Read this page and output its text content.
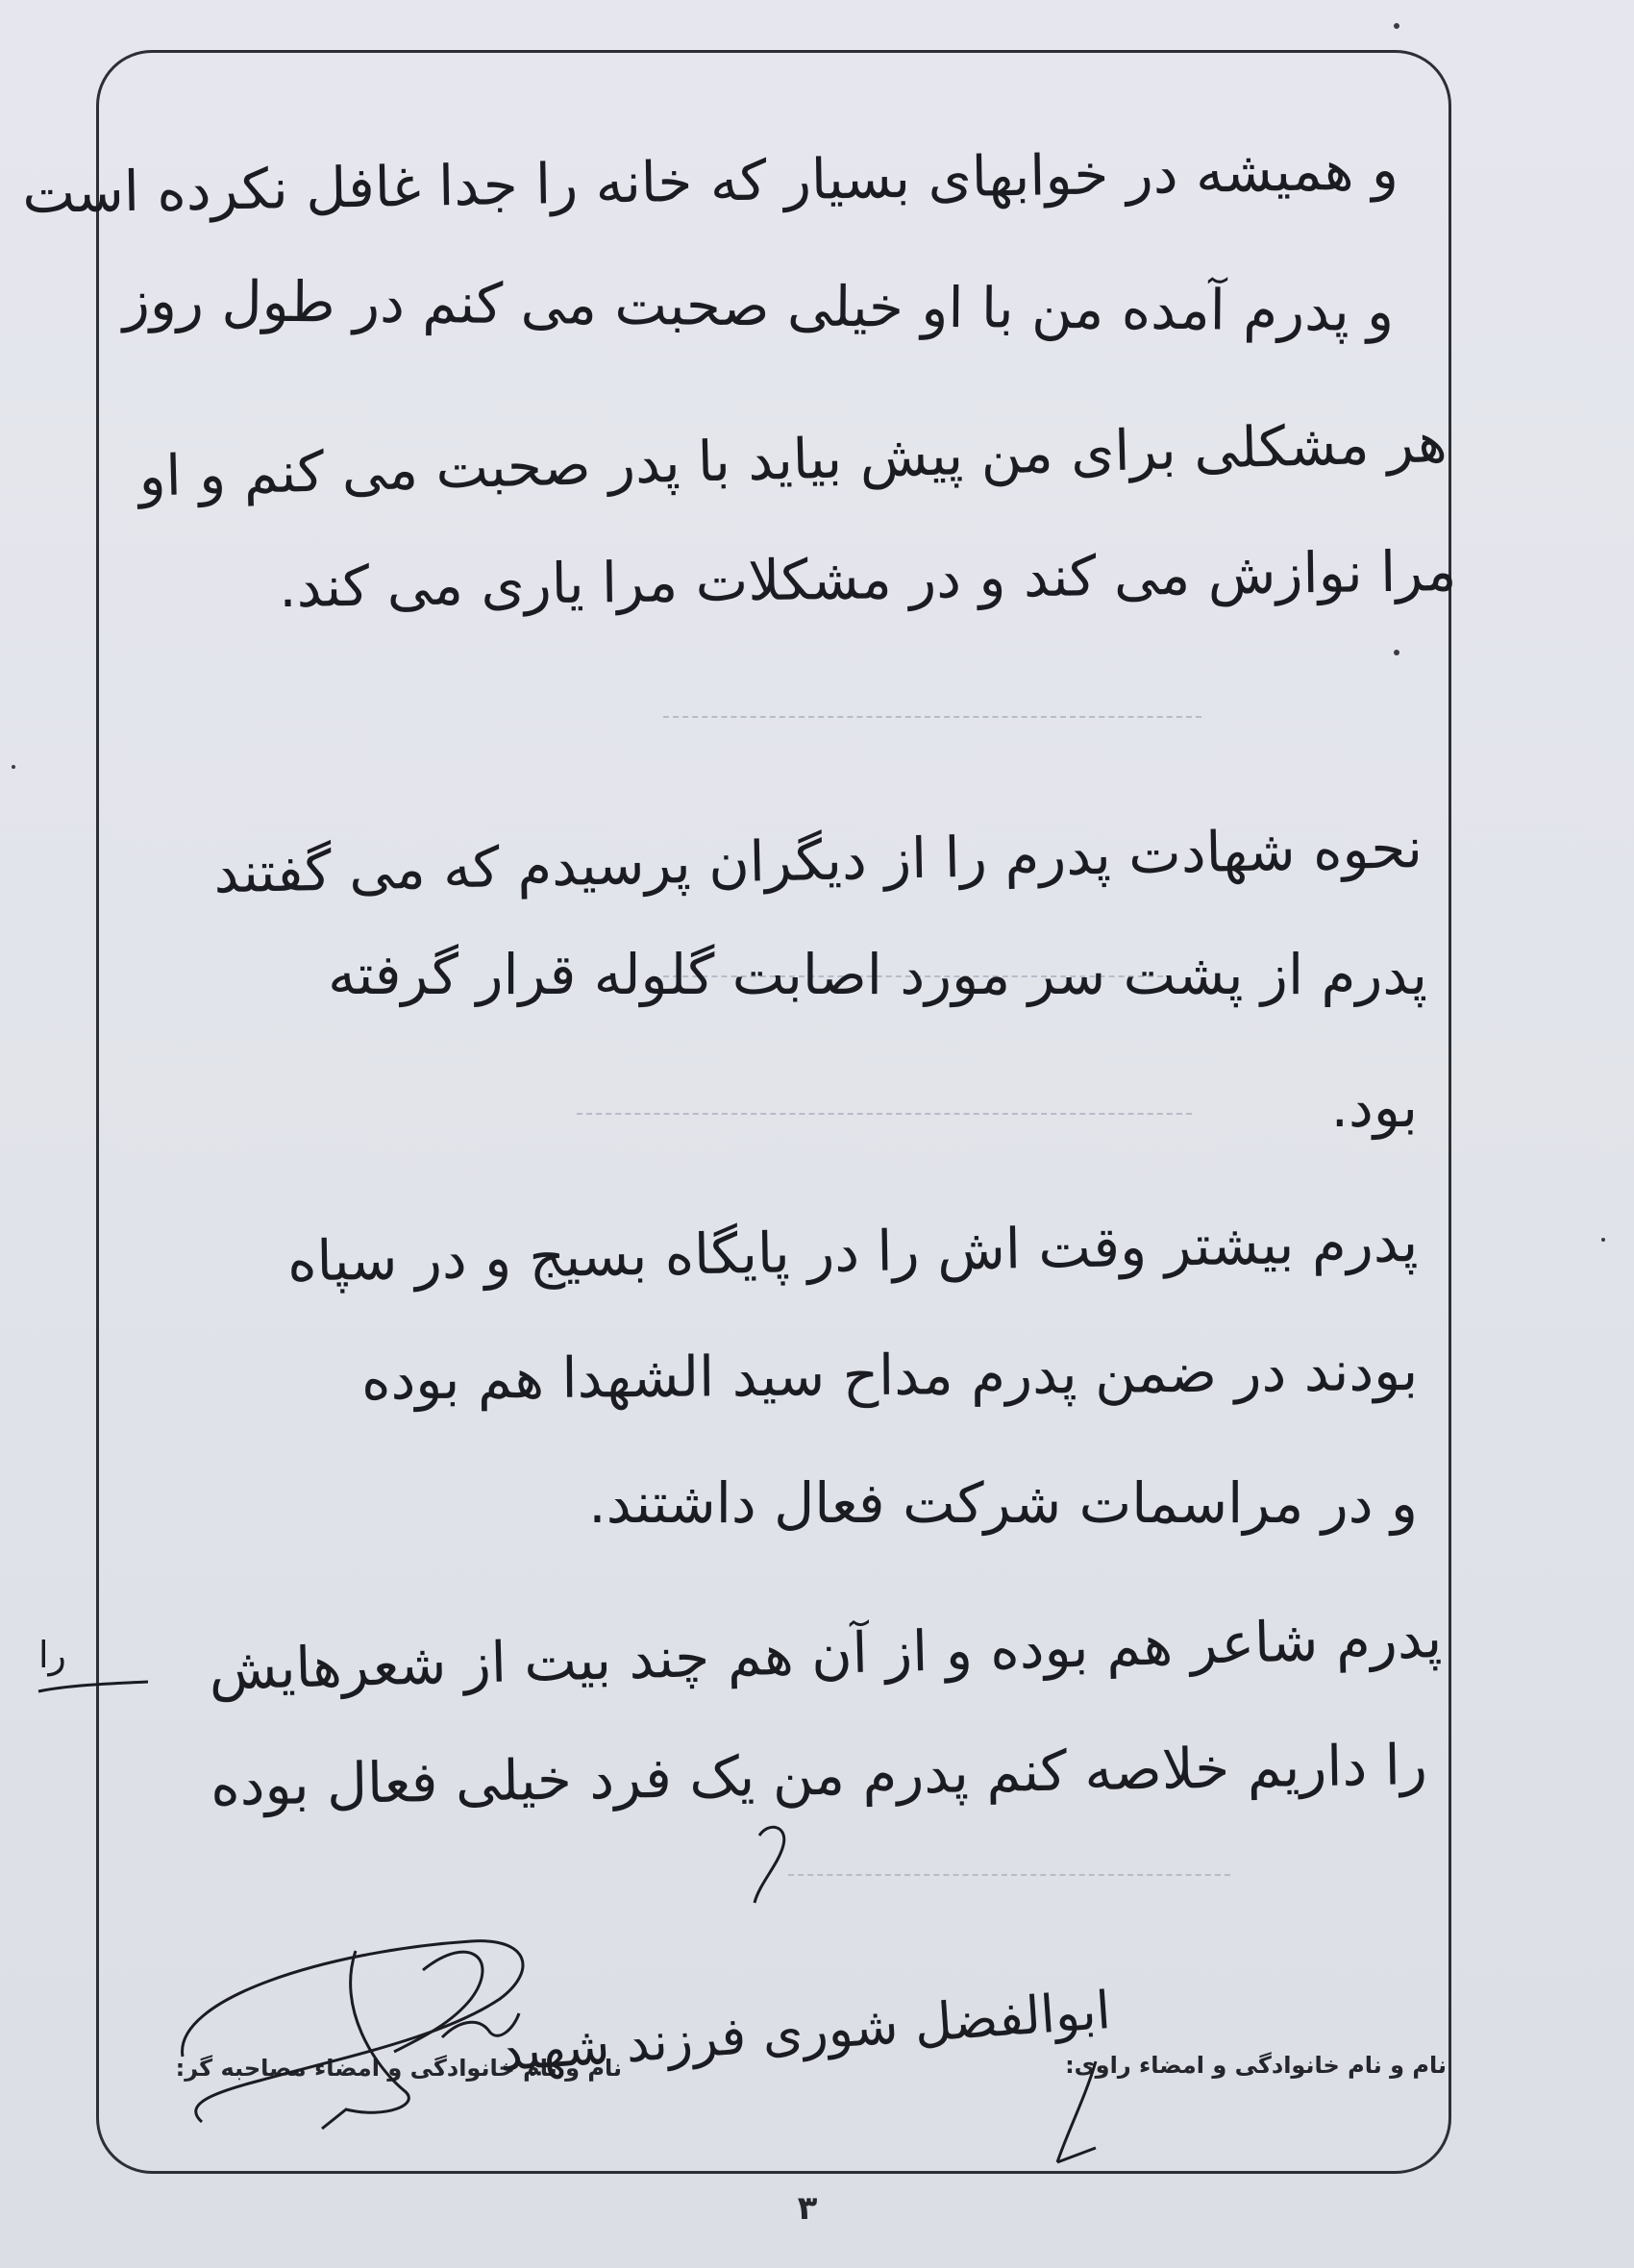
و همیشه در خوابهای بسیار که خانه را جدا غافل نکرده است
و پدرم آمده من با او خیلی صحبت می کنم در طول روز
هر مشکلی برای من پیش بیاید با پدر صحبت می کنم و او
مرا نوازش می کند و در مشکلات مرا یاری می کند.
نحوه شهادت پدرم را از دیگران پرسیدم که می گفتند
پدرم از پشت سر مورد اصابت گلوله قرار گرفته
بود.
پدرم بیشتر وقت اش را در پایگاه بسیج و در سپاه
بودند در ضمن پدرم مداح سید الشهدا هم بوده
و در مراسمات شرکت فعال داشتند.
پدرم شاعر هم بوده و از آن هم چند بیت از شعرهایش
را داریم خلاصه کنم پدرم من یک فرد خیلی فعال بوده
را
نام و نام خانوادگی و امضاء راوی:
نام و نام خانوادگی و امضاء مصاحبه گر:
ابوالفضل شوری فرزند شهید
۳
